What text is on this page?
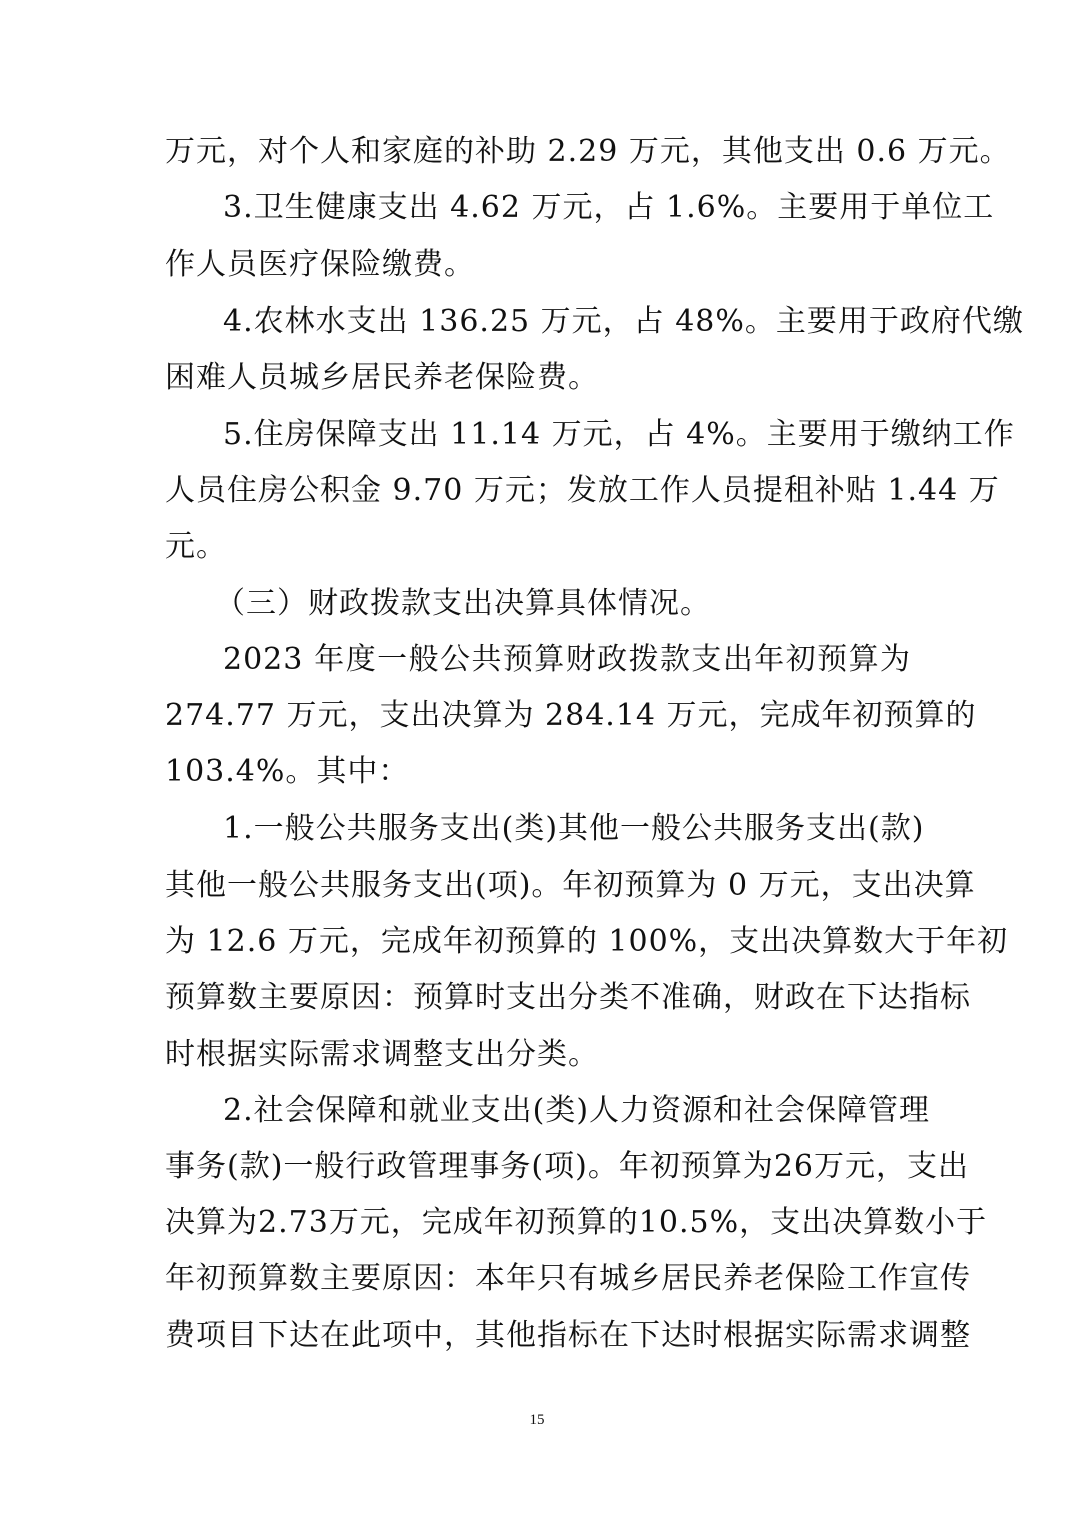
万元，对个人和家庭的补助 2.29 万元，其他支出 0.6 万元。
3.卫生健康支出 4.62 万元，占 1.6%。主要用于单位工
作人员医疗保险缴费。
4.农林水支出 136.25 万元，占 48%。主要用于政府代缴
困难人员城乡居民养老保险费。
5.住房保障支出 11.14 万元，占 4%。主要用于缴纳工作
人员住房公积金 9.70 万元；发放工作人员提租补贴 1.44 万
元。
（三）财政拨款支出决算具体情况。
2023 年度一般公共预算财政拨款支出年初预算为
274.77 万元，支出决算为 284.14 万元，完成年初预算的
103.4%。其中：
1.一般公共服务支出(类)其他一般公共服务支出(款)
其他一般公共服务支出(项)。年初预算为 0 万元，支出决算
为 12.6 万元，完成年初预算的 100%，支出决算数大于年初
预算数主要原因：预算时支出分类不准确，财政在下达指标
时根据实际需求调整支出分类。
2.社会保障和就业支出(类)人力资源和社会保障管理
事务(款)一般行政管理事务(项)。年初预算为26万元，支出
决算为2.73万元，完成年初预算的10.5%，支出决算数小于
年初预算数主要原因：本年只有城乡居民养老保险工作宣传
费项目下达在此项中，其他指标在下达时根据实际需求调整
15
